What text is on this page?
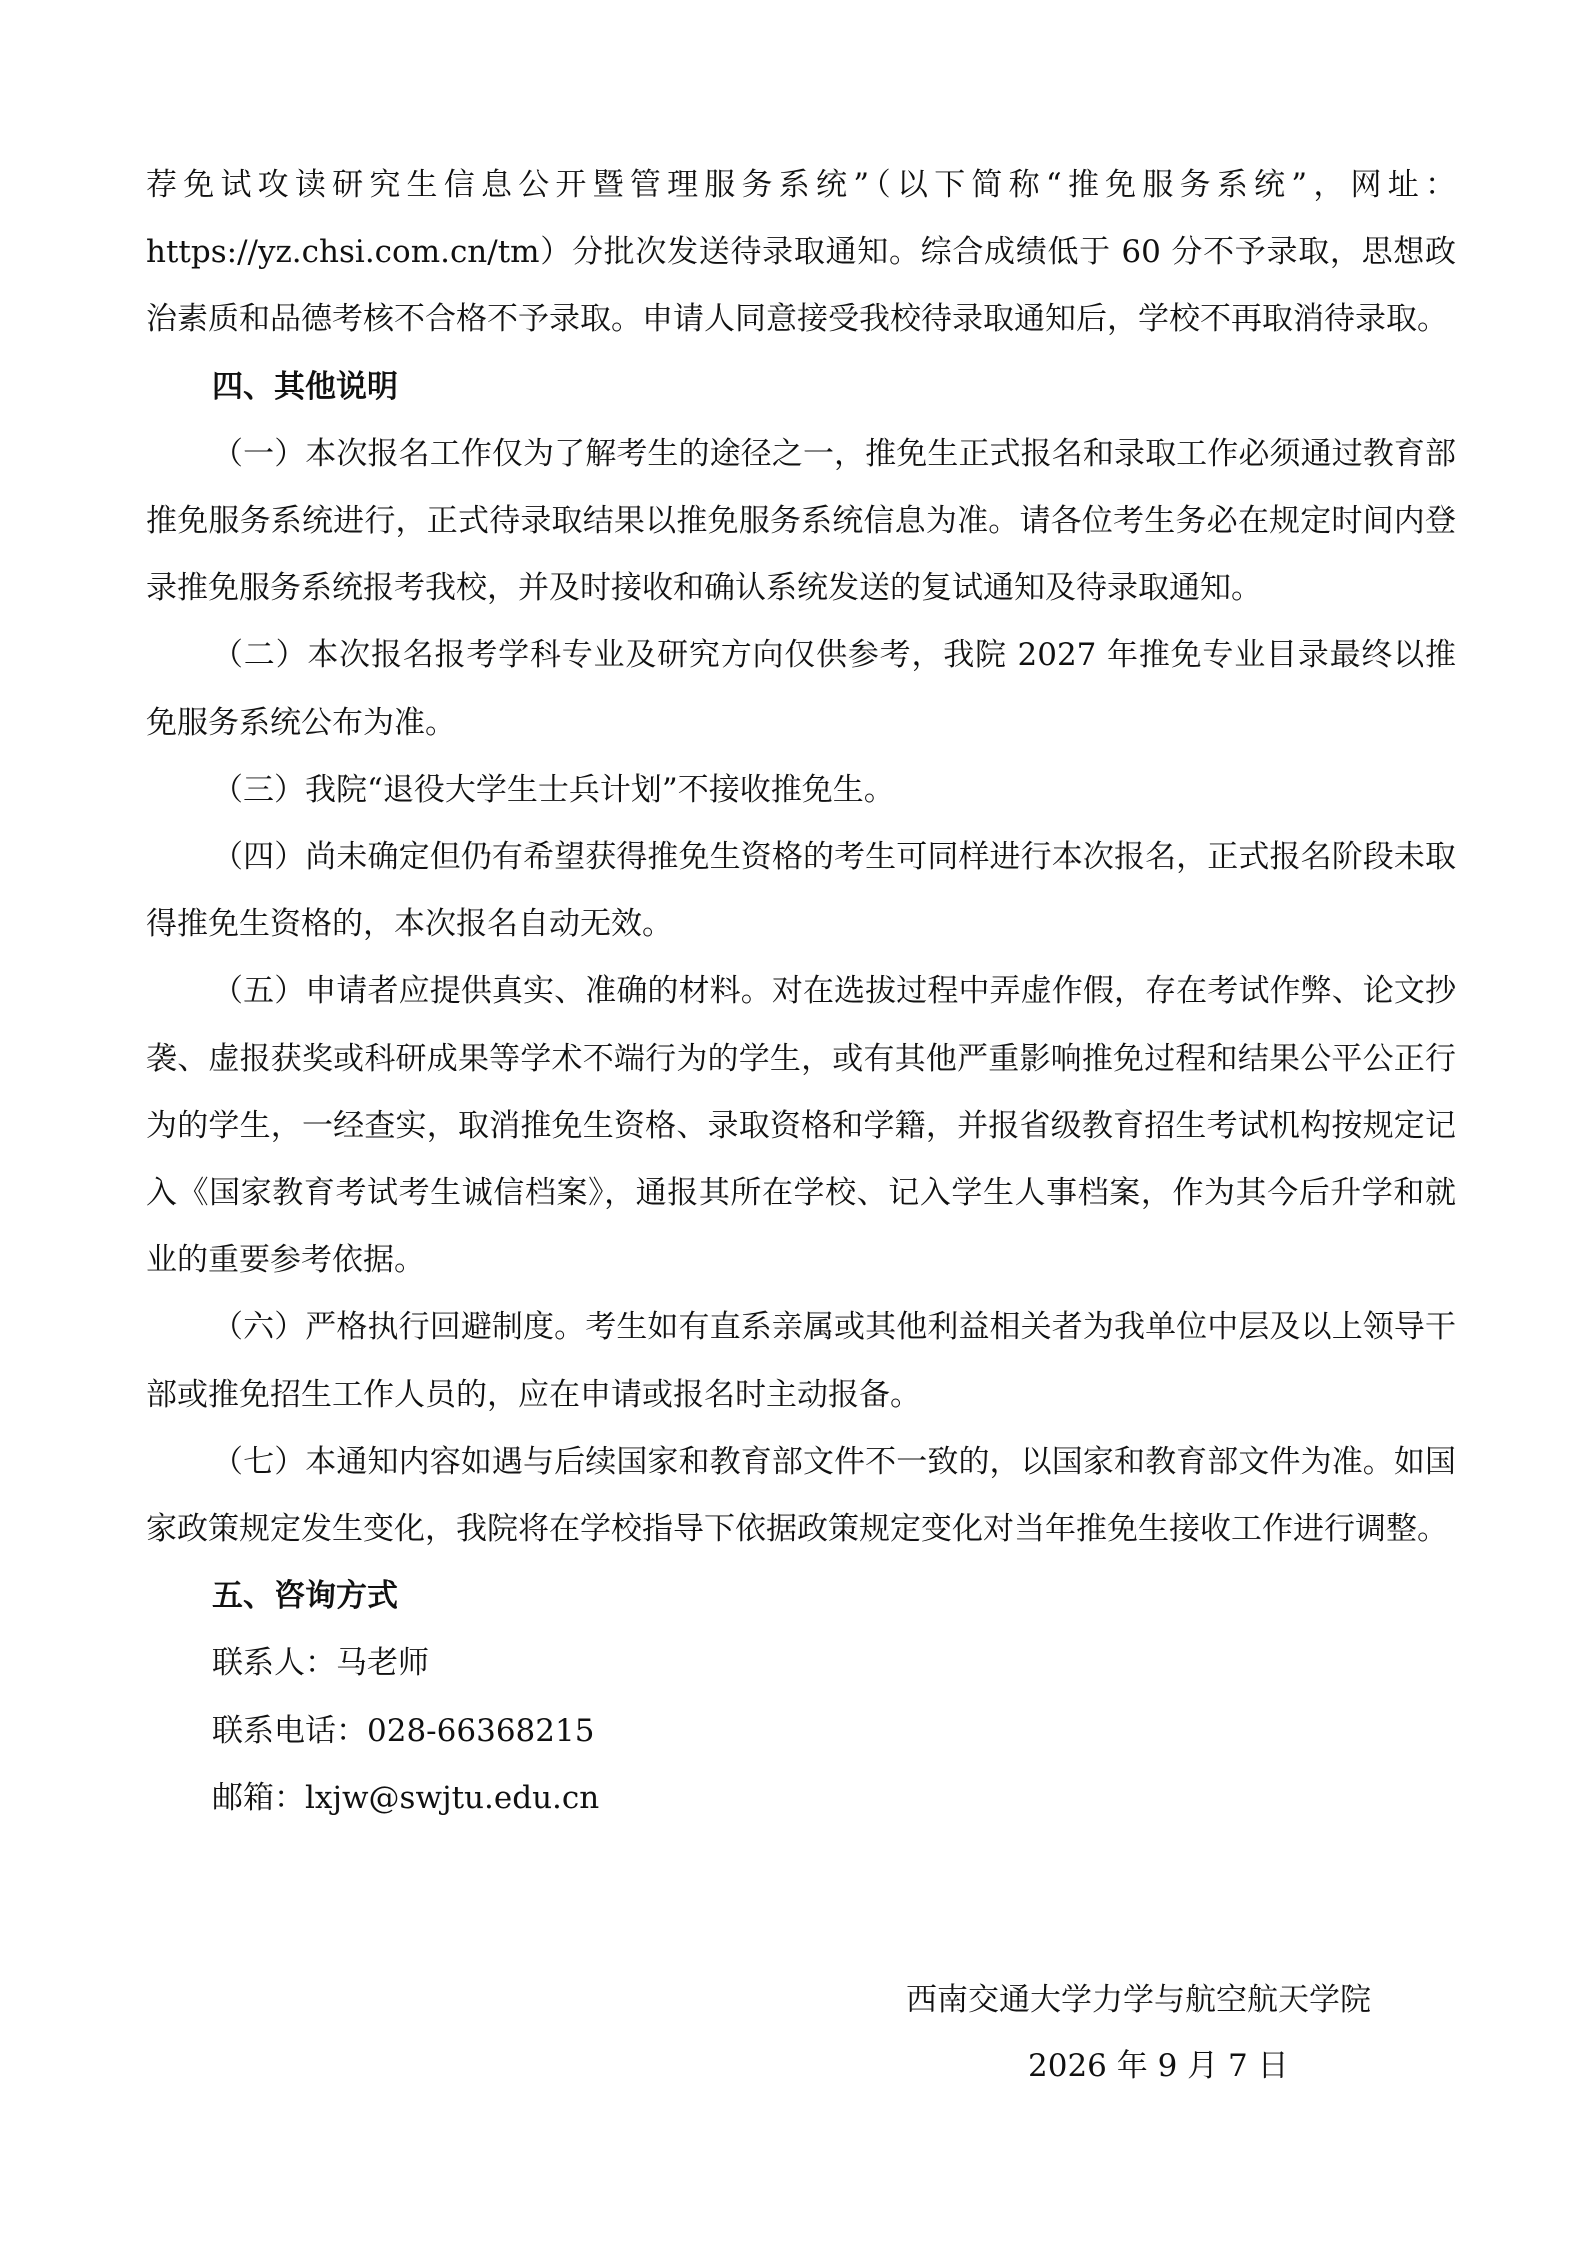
荐免试攻读研究生信息公开暨管理服务系统”（以下简称“推免服务系统”，网址：https://yz.chsi.com.cn/tm）分批次发送待录取通知。综合成绩低于 60 分不予录取，思想政治素质和品德考核不合格不予录取。申请人同意接受我校待录取通知后，学校不再取消待录取。

四、其他说明

（一）本次报名工作仅为了解考生的途径之一，推免生正式报名和录取工作必须通过教育部推免服务系统进行，正式待录取结果以推免服务系统信息为准。请各位考生务必在规定时间内登录推免服务系统报考我校，并及时接收和确认系统发送的复试通知及待录取通知。

（二）本次报名报考学科专业及研究方向仅供参考，我院 2027 年推免专业目录最终以推免服务系统公布为准。

（三）我院“退役大学生士兵计划”不接收推免生。

（四）尚未确定但仍有希望获得推免生资格的考生可同样进行本次报名，正式报名阶段未取得推免生资格的，本次报名自动无效。

（五）申请者应提供真实、准确的材料。对在选拔过程中弄虚作假，存在考试作弊、论文抄袭、虚报获奖或科研成果等学术不端行为的学生，或有其他严重影响推免过程和结果公平公正行为的学生，一经查实，取消推免生资格、录取资格和学籍，并报省级教育招生考试机构按规定记入《国家教育考试考生诚信档案》，通报其所在学校、记入学生人事档案，作为其今后升学和就业的重要参考依据。

（六）严格执行回避制度。考生如有直系亲属或其他利益相关者为我单位中层及以上领导干部或推免招生工作人员的，应在申请或报名时主动报备。

（七）本通知内容如遇与后续国家和教育部文件不一致的，以国家和教育部文件为准。如国家政策规定发生变化，我院将在学校指导下依据政策规定变化对当年推免生接收工作进行调整。

五、咨询方式

联系人：马老师

联系电话：028-66368215

邮箱：lxjw@swjtu.edu.cn

西南交通大学力学与航空航天学院
2026 年 9 月 7 日
